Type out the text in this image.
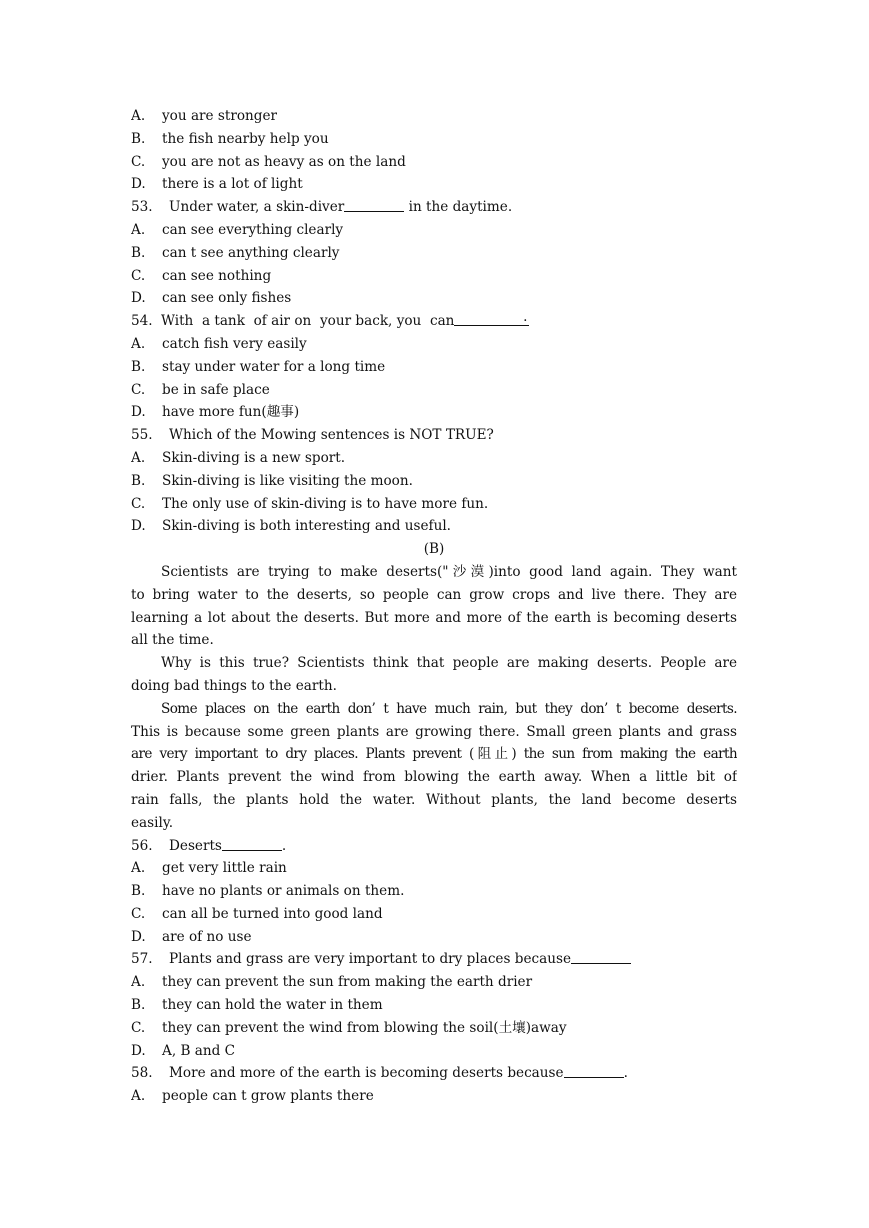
A. you are stronger
B. the fish nearby help you
C. you are not as heavy as on the land
D. there is a lot of light
53. Under water, a skin-diver	in the daytime.
A. can see everything clearly
B. can t see anything clearly
C. can see nothing
D. can see only fishes
54. With  a tank  of air on  your back, you  can	.
A. catch fish very easily
B. stay under water for a long time
C. be in safe place
D. have more fun(趣事)
55. Which of the Mowing sentences is NOT TRUE?
A. Skin-diving is a new sport.
B. Skin-diving is like visiting the moon.
C. The only use of skin-diving is to have more fun.
D. Skin-diving is both interesting and useful.
(B)
Scientists are trying to make deserts("沙漠)into good land again. They want
to bring water to the deserts, so people can grow crops and live there. They are
learning a lot about the deserts. But more and more of the earth is becoming deserts
all the time.
Why is this true? Scientists think that people are making deserts. People are
doing bad things to the earth.
Some places on the earth don’ t have much rain, but they don’ t become deserts.
This is because some green plants are growing there. Small green plants and grass
are very important to dry places. Plants prevent (阻止) the sun from making the earth
drier. Plants prevent the wind from blowing the earth away. When a little bit of
rain falls, the plants hold the water. Without plants, the land become deserts
easily.
56. Deserts	.
A. get very little rain
B. have no plants or animals on them.
C. can all be turned into good land
D. are of no use
57. Plants and grass are very important to dry places because
A. they can prevent the sun from making the earth drier
B. they can hold the water in them
C. they can prevent the wind from blowing the soil(土壤)away
D. A, B and C
58. More and more of the earth is becoming deserts because	.
A. people can t grow plants there
